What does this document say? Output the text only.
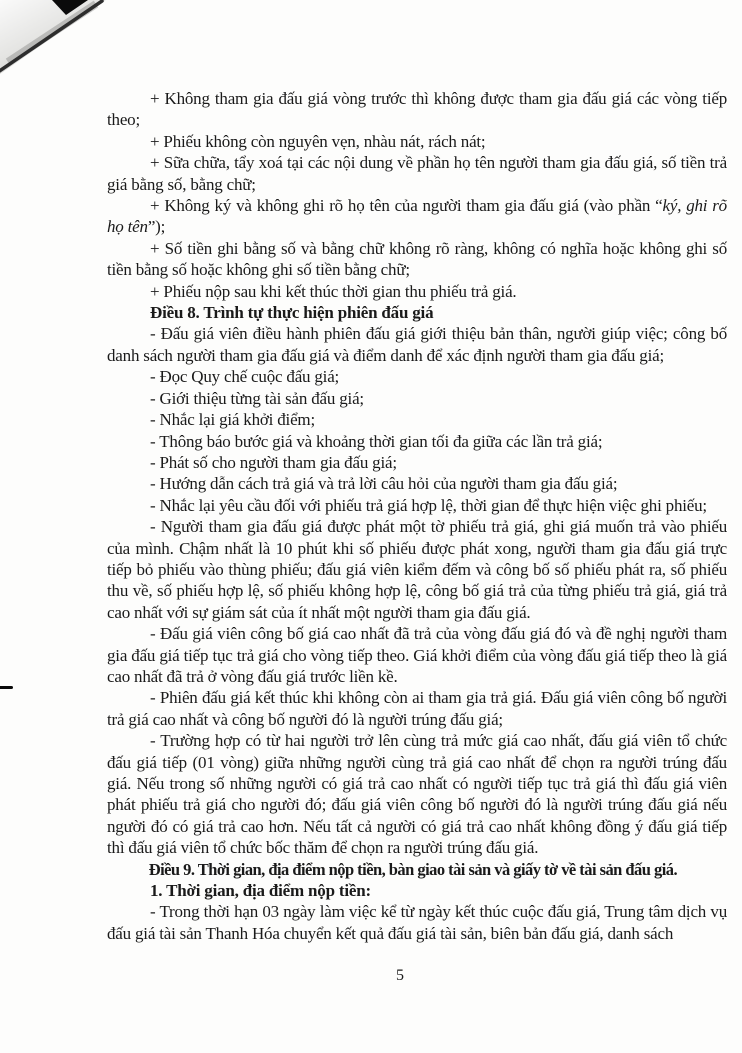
+ Không tham gia đấu giá vòng trước thì không được tham gia đấu giá các vòng tiếp theo;

+ Phiếu không còn nguyên vẹn, nhàu nát, rách nát;

+ Sữa chữa, tẩy xoá tại các nội dung về phần họ tên người tham gia đấu giá, số tiền trả giá bằng số, bằng chữ;

+ Không ký và không ghi rõ họ tên của người tham gia đấu giá (vào phần “ký, ghi rõ họ tên”);

+ Số tiền ghi bằng số và bằng chữ không rõ ràng, không có nghĩa hoặc không ghi số tiền bằng số hoặc không ghi số tiền bằng chữ;

+ Phiếu nộp sau khi kết thúc thời gian thu phiếu trả giá.

Điều 8. Trình tự thực hiện phiên đấu giá

- Đấu giá viên điều hành phiên đấu giá giới thiệu bản thân, người giúp việc; công bố danh sách người tham gia đấu giá và điểm danh để xác định người tham gia đấu giá;

- Đọc Quy chế cuộc đấu giá;

- Giới thiệu từng tài sản đấu giá;

- Nhắc lại giá khởi điểm;

- Thông báo bước giá và khoảng thời gian tối đa giữa các lần trả giá;

- Phát số cho người tham gia đấu giá;

- Hướng dẫn cách trả giá và trả lời câu hỏi của người tham gia đấu giá;

- Nhắc lại yêu cầu đối với phiếu trả giá hợp lệ, thời gian để thực hiện việc ghi phiếu;

- Người tham gia đấu giá được phát một tờ phiếu trả giá, ghi giá muốn trả vào phiếu của mình. Chậm nhất là 10 phút khi số phiếu được phát xong, người tham gia đấu giá trực tiếp bỏ phiếu vào thùng phiếu; đấu giá viên kiểm đếm và công bố số phiếu phát ra, số phiếu thu về, số phiếu hợp lệ, số phiếu không hợp lệ, công bố giá trả của từng phiếu trả giá, giá trả cao nhất với sự giám sát của ít nhất một người tham gia đấu giá.

- Đấu giá viên công bố giá cao nhất đã trả của vòng đấu giá đó và đề nghị người tham gia đấu giá tiếp tục trả giá cho vòng tiếp theo. Giá khởi điểm của vòng đấu giá tiếp theo là giá cao nhất đã trả ở vòng đấu giá trước liền kề.

- Phiên đấu giá kết thúc khi không còn ai tham gia trả giá. Đấu giá viên công bố người trả giá cao nhất và công bố người đó là người trúng đấu giá;

- Trường hợp có từ hai người trở lên cùng trả mức giá cao nhất, đấu giá viên tổ chức đấu giá tiếp (01 vòng) giữa những người cùng trả giá cao nhất để chọn ra người trúng đấu giá. Nếu trong số những người có giá trả cao nhất có người tiếp tục trả giá thì đấu giá viên phát phiếu trả giá cho người đó; đấu giá viên công bố người đó là người trúng đấu giá nếu người đó có giá trả cao hơn. Nếu tất cả người có giá trả cao nhất không đồng ý đấu giá tiếp thì đấu giá viên tổ chức bốc thăm để chọn ra người trúng đấu giá.

Điều 9. Thời gian, địa điểm nộp tiền, bàn giao tài sản và giấy tờ về tài sản đấu giá.

1. Thời gian, địa điểm nộp tiền:

- Trong thời hạn 03 ngày làm việc kể từ ngày kết thúc cuộc đấu giá, Trung tâm dịch vụ đấu giá tài sản Thanh Hóa chuyển kết quả đấu giá tài sản, biên bản đấu giá, danh sách

5
